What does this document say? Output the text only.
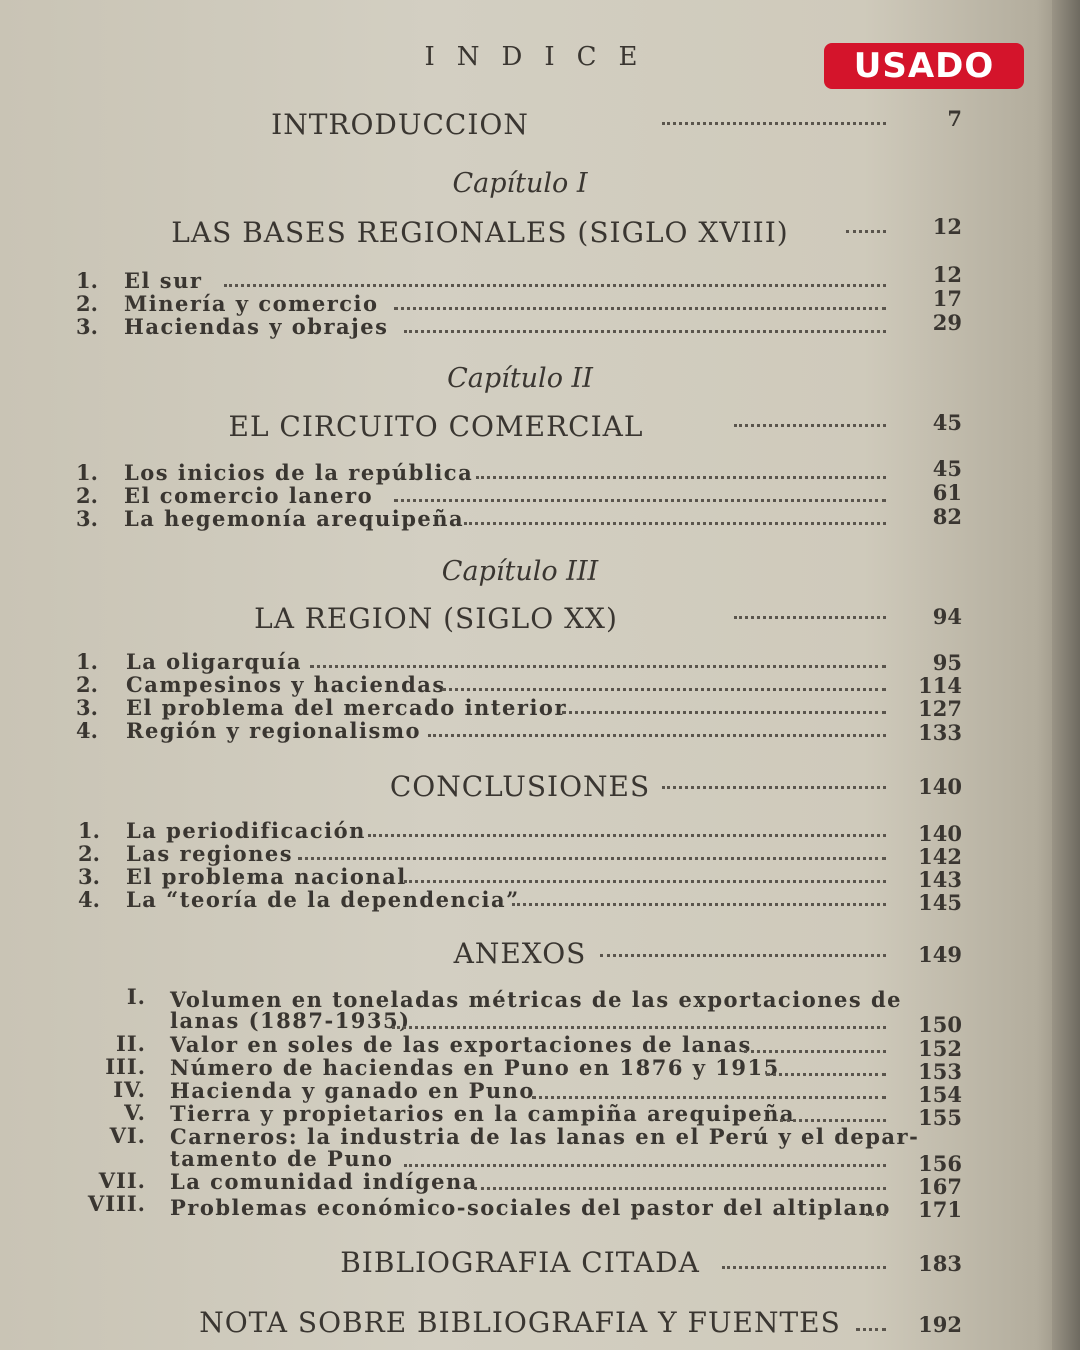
USADO
INDICE
INTRODUCCION	7
Capítulo I
LAS BASES REGIONALES (SIGLO XVIII)	12
1.	El sur	12
2.	Minería y comercio	17
3.	Haciendas y obrajes	29
Capítulo II
EL CIRCUITO COMERCIAL	45
1.	Los inicios de la república	45
2.	El comercio lanero	61
3.	La hegemonía arequipeña	82
Capítulo III
LA REGION (SIGLO XX)	94
1.	La oligarquía	95
2.	Campesinos y haciendas	114
3.	El problema del mercado interior	127
4.	Región y regionalismo	133
CONCLUSIONES	140
1.	La periodificación	140
2.	Las regiones	142
3.	El problema nacional	143
4.	La “teoría de la dependencia”	145
ANEXOS	149
I. Volumen en toneladas métricas de las exportaciones de
lanas (1887-1935)	150
II. Valor en soles de las exportaciones de lanas	152
III. Número de haciendas en Puno en 1876 y 1915	153
IV. Hacienda y ganado en Puno	154
V. Tierra y propietarios en la campiña arequipeña	155
VI. Carneros: la industria de las lanas en el Perú y el depar-
tamento de Puno	156
VII. La comunidad indígena	167
VIII. Problemas económico-sociales del pastor del altiplano	171
BIBLIOGRAFIA CITADA	183
NOTA SOBRE BIBLIOGRAFIA Y FUENTES	192
